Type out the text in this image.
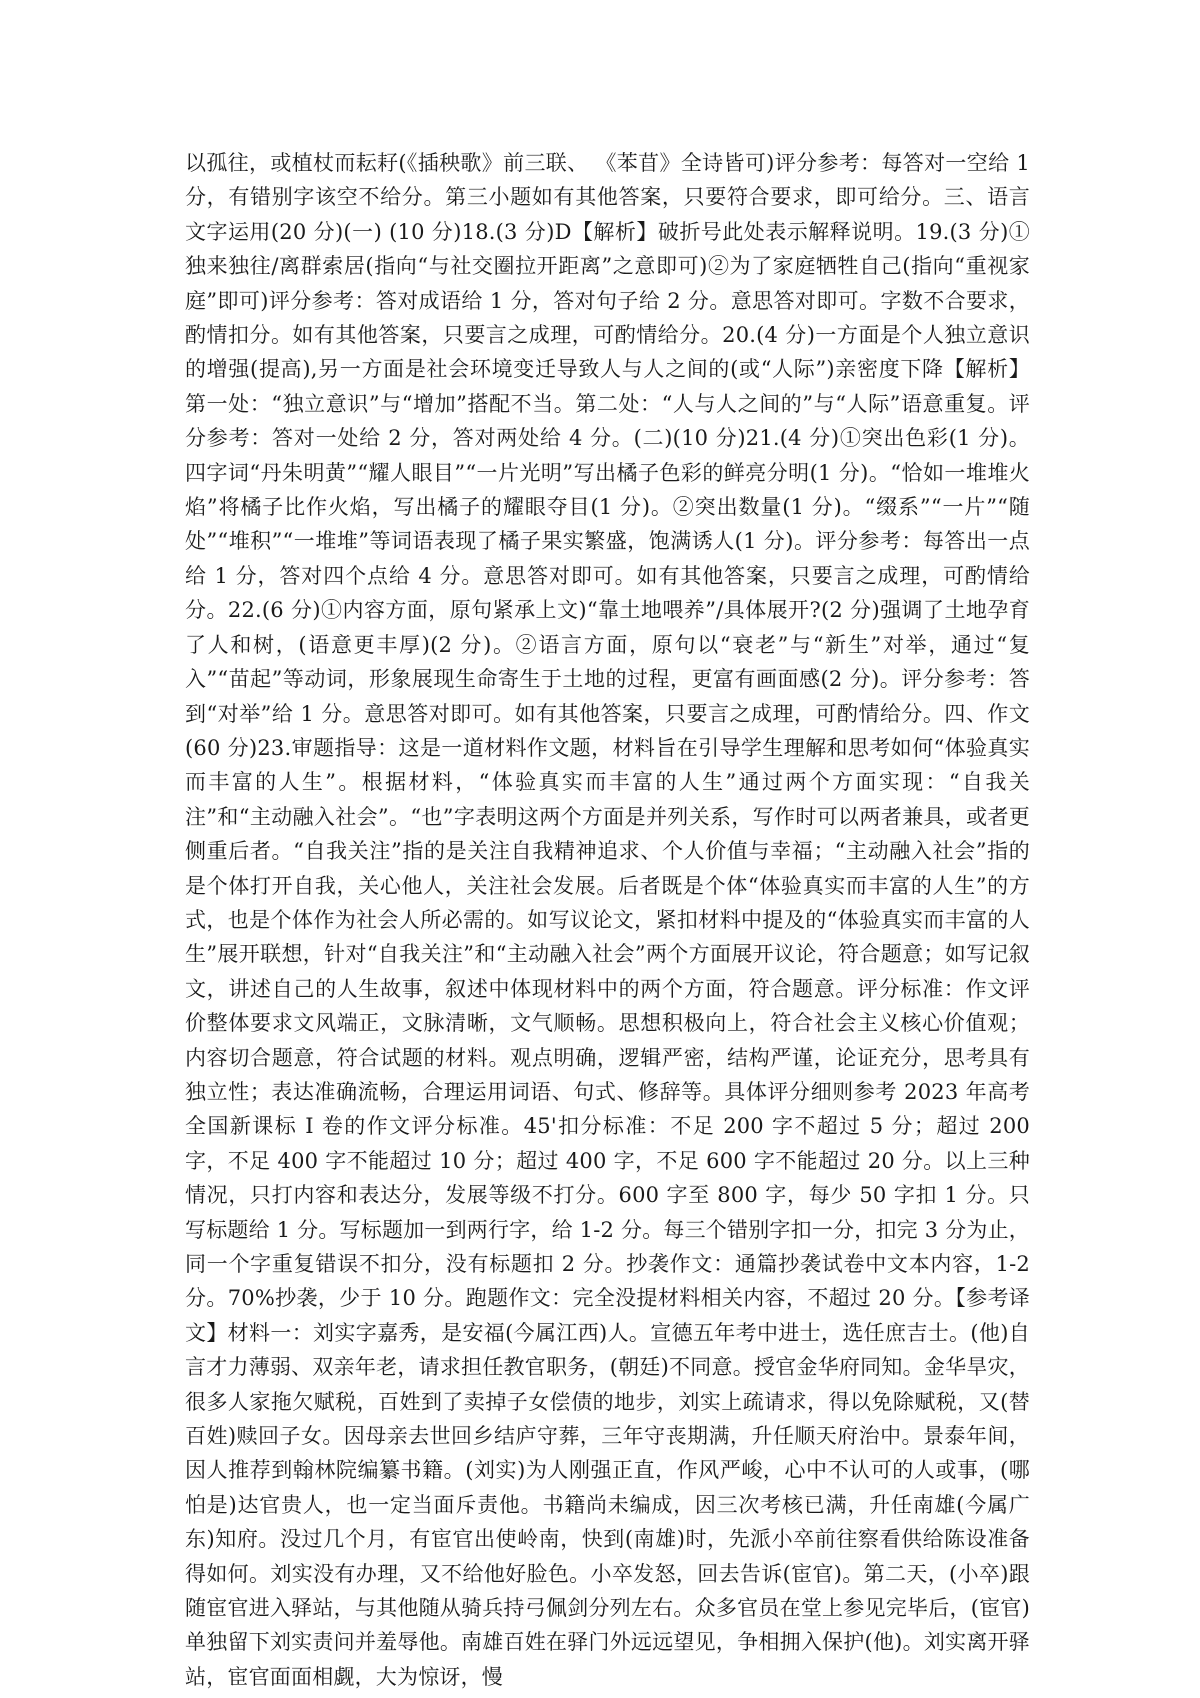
以孤往，或植杖而耘耔(《插秧歌》前三联、 《苯苜》全诗皆可)评分参考：每答对一空给 1 分，有错别字该空不给分。第三小题如有其他答案，只要符合要求，即可给分。三、语言文字运用(20 分)(一) (10 分)18.(3 分)D【解析】破折号此处表示解释说明。19.(3 分)①独来独往/离群索居(指向“与社交圈拉开距离”之意即可)②为了家庭牺牲自己(指向“重视家庭”即可)评分参考：答对成语给 1 分，答对句子给 2 分。意思答对即可。字数不合要求，酌情扣分。如有其他答案，只要言之成理，可酌情给分。20.(4 分)一方面是个人独立意识的增强(提高),另一方面是社会环境变迁导致人与人之间的(或“人际”)亲密度下降【解析】第一处：“独立意识”与“增加”搭配不当。第二处：“人与人之间的”与“人际”语意重复。评分参考：答对一处给 2 分，答对两处给 4 分。(二)(10 分)21.(4 分)①突出色彩(1 分)。四字词“丹朱明黄”“耀人眼目”“一片光明”写出橘子色彩的鲜亮分明(1 分)。“恰如一堆堆火焰”将橘子比作火焰，写出橘子的耀眼夺目(1 分)。②突出数量(1 分)。“缀系”“一片”“随处”“堆积”“一堆堆”等词语表现了橘子果实繁盛，饱满诱人(1 分)。评分参考：每答出一点给 1 分，答对四个点给 4 分。意思答对即可。如有其他答案，只要言之成理，可酌情给分。22.(6 分)①内容方面，原句紧承上文)“靠土地喂养”/具体展开?(2 分)强调了土地孕育了人和树，(语意更丰厚)(2 分)。②语言方面，原句以“衰老”与“新生”对举，通过“复入”“苗起”等动词，形象展现生命寄生于土地的过程，更富有画面感(2 分)。评分参考：答到“对举”给 1 分。意思答对即可。如有其他答案，只要言之成理，可酌情给分。四、作文(60 分)23.审题指导：这是一道材料作文题，材料旨在引导学生理解和思考如何“体验真实而丰富的人生”。根据材料，“体验真实而丰富的人生”通过两个方面实现：“自我关注”和“主动融入社会”。“也”字表明这两个方面是并列关系，写作时可以两者兼具，或者更侧重后者。“自我关注”指的是关注自我精神追求、个人价值与幸福；“主动融入社会”指的是个体打开自我，关心他人，关注社会发展。后者既是个体“体验真实而丰富的人生”的方式，也是个体作为社会人所必需的。如写议论文，紧扣材料中提及的“体验真实而丰富的人生”展开联想，针对“自我关注”和“主动融入社会”两个方面展开议论，符合题意；如写记叙文，讲述自己的人生故事，叙述中体现材料中的两个方面，符合题意。评分标准：作文评价整体要求文风端正，文脉清晰，文气顺畅。思想积极向上，符合社会主义核心价值观；内容切合题意，符合试题的材料。观点明确，逻辑严密，结构严谨，论证充分，思考具有独立性；表达准确流畅，合理运用词语、句式、修辞等。具体评分细则参考 2023 年高考全国新课标 I 卷的作文评分标准。45'扣分标准：不足 200 字不超过 5 分；超过 200 字，不足 400 字不能超过 10 分；超过 400 字，不足 600 字不能超过 20 分。以上三种情况，只打内容和表达分，发展等级不打分。600 字至 800 字，每少 50 字扣 1 分。只写标题给 1 分。写标题加一到两行字，给 1-2 分。每三个错别字扣一分，扣完 3 分为止，同一个字重复错误不扣分，没有标题扣 2 分。抄袭作文：通篇抄袭试卷中文本内容，1-2 分。70%抄袭，少于 10 分。跑题作文：完全没提材料相关内容，不超过 20 分。【参考译文】材料一：刘实字嘉秀，是安福(今属江西)人。宣德五年考中进士，选任庶吉士。(他)自言才力薄弱、双亲年老，请求担任教官职务，(朝廷)不同意。授官金华府同知。金华旱灾，很多人家拖欠赋税，百姓到了卖掉子女偿债的地步，刘实上疏请求，得以免除赋税，又(替百姓)赎回子女。因母亲去世回乡结庐守葬，三年守丧期满，升任顺天府治中。景泰年间，因人推荐到翰林院编纂书籍。(刘实)为人刚强正直，作风严峻，心中不认可的人或事，(哪怕是)达官贵人，也一定当面斥责他。书籍尚未编成，因三次考核已满，升任南雄(今属广东)知府。没过几个月，有宦官出使岭南，快到(南雄)时，先派小卒前往察看供给陈设准备得如何。刘实没有办理，又不给他好脸色。小卒发怒，回去告诉(宦官)。第二天，(小卒)跟随宦官进入驿站，与其他随从骑兵持弓佩剑分列左右。众多官员在堂上参见完毕后，(宦官)单独留下刘实责问并羞辱他。南雄百姓在驿门外远远望见，争相拥入保护(他)。刘实离开驿站，宦官面面相觑，大为惊讶，慢
